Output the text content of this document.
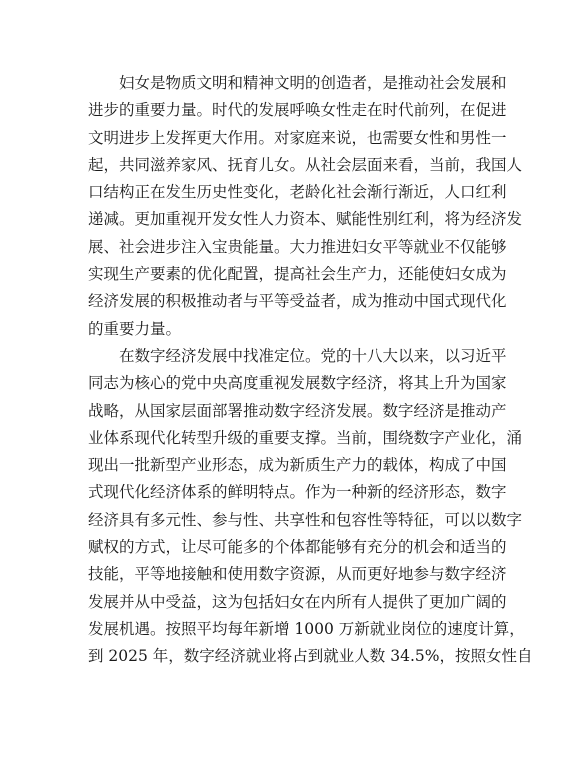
妇女是物质文明和精神文明的创造者，是推动社会发展和
进步的重要力量。时代的发展呼唤女性走在时代前列，在促进
文明进步上发挥更大作用。对家庭来说，也需要女性和男性一
起，共同滋养家风、抚育儿女。从社会层面来看，当前，我国人
口结构正在发生历史性变化，老龄化社会渐行渐近，人口红利
递减。更加重视开发女性人力资本、赋能性别红利，将为经济发
展、社会进步注入宝贵能量。大力推进妇女平等就业不仅能够
实现生产要素的优化配置，提高社会生产力，还能使妇女成为
经济发展的积极推动者与平等受益者，成为推动中国式现代化
的重要力量。
在数字经济发展中找准定位。党的十八大以来，以习近平
同志为核心的党中央高度重视发展数字经济，将其上升为国家
战略，从国家层面部署推动数字经济发展。数字经济是推动产
业体系现代化转型升级的重要支撑。当前，围绕数字产业化，涌
现出一批新型产业形态，成为新质生产力的载体，构成了中国
式现代化经济体系的鲜明特点。作为一种新的经济形态，数字
经济具有多元性、参与性、共享性和包容性等特征，可以以数字
赋权的方式，让尽可能多的个体都能够有充分的机会和适当的
技能，平等地接触和使用数字资源，从而更好地参与数字经济
发展并从中受益，这为包括妇女在内所有人提供了更加广阔的
发展机遇。按照平均每年新增 1000 万新就业岗位的速度计算，
到 2025 年，数字经济就业将占到就业人数 34.5%，按照女性自
